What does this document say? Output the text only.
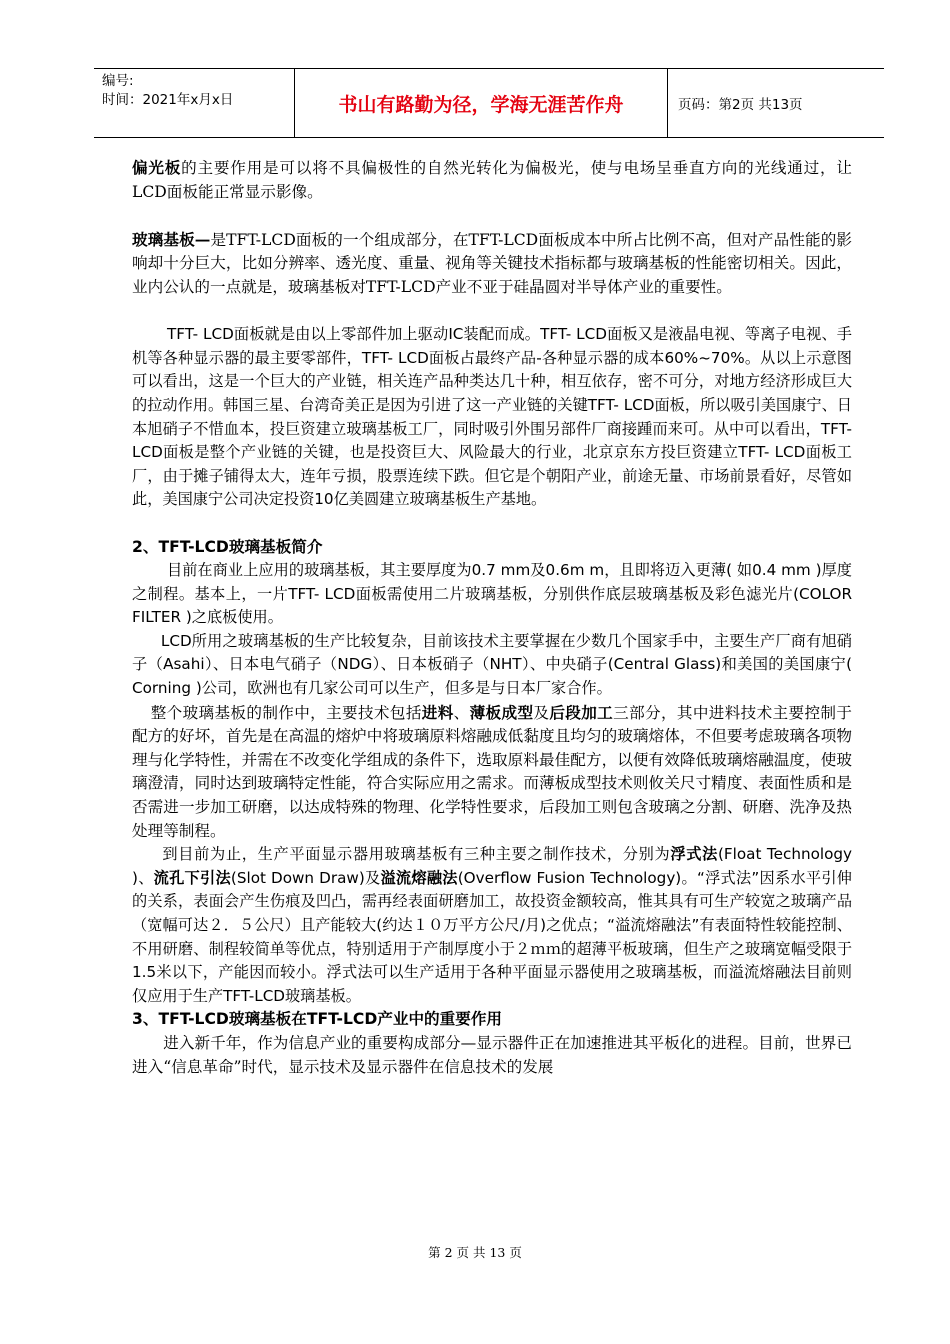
编号:
时间：2021年x月x日	书山有路勤为径，学海无涯苦作舟	页码：第2页 共13页

偏光板的主要作用是可以将不具偏极性的自然光转化为偏极光，使与电场呈垂直方向的光线通过，让LCD面板能正常显示影像。

玻璃基板—是TFT-LCD面板的一个组成部分，在TFT-LCD面板成本中所占比例不高，但对产品性能的影响却十分巨大，比如分辨率、透光度、重量、视角等关键技术指标都与玻璃基板的性能密切相关。因此，业内公认的一点就是，玻璃基板对TFT-LCD产业不亚于硅晶圆对半导体产业的重要性。

TFT- LCD面板就是由以上零部件加上驱动IC装配而成。TFT- LCD面板又是液晶电视、等离子电视、手机等各种显示器的最主要零部件，TFT- LCD面板占最终产品-各种显示器的成本60%~70%。从以上示意图可以看出，这是一个巨大的产业链，相关连产品种类达几十种，相互依存，密不可分，对地方经济形成巨大的拉动作用。韩国三星、台湾奇美正是因为引进了这一产业链的关键TFT- LCD面板，所以吸引美国康宁、日本旭硝子不惜血本，投巨资建立玻璃基板工厂，同时吸引外围另部件厂商接踵而来可。从中可以看出，TFT- LCD面板是整个产业链的关键，也是投资巨大、风险最大的行业，北京京东方投巨资建立TFT- LCD面板工厂，由于摊子铺得太大，连年亏损，股票连续下跌。但它是个朝阳产业，前途无量、市场前景看好，尽管如此，美国康宁公司决定投资10亿美圆建立玻璃基板生产基地。

2、TFT-LCD玻璃基板简介

目前在商业上应用的玻璃基板，其主要厚度为0.7 mm及0.6m m，且即将迈入更薄( 如0.4 mm )厚度之制程。基本上，一片TFT- LCD面板需使用二片玻璃基板，分别供作底层玻璃基板及彩色滤光片(COLOR FILTER )之底板使用。

LCD所用之玻璃基板的生产比较复杂，目前该技术主要掌握在少数几个国家手中，主要生产厂商有旭硝子（Asahi）、日本电气硝子（NDG）、日本板硝子（NHT）、中央硝子(Central Glass)和美国的美国康宁( Corning )公司，欧洲也有几家公司可以生产，但多是与日本厂家合作。

整个玻璃基板的制作中，主要技术包括进料、薄板成型及后段加工三部分，其中进料技术主要控制于配方的好坏，首先是在高温的熔炉中将玻璃原料熔融成低黏度且均匀的玻璃熔体，不但要考虑玻璃各项物理与化学特性，并需在不改变化学组成的条件下，选取原料最佳配方，以便有效降低玻璃熔融温度，使玻璃澄清，同时达到玻璃特定性能，符合实际应用之需求。而薄板成型技术则攸关尺寸精度、表面性质和是否需进一步加工研磨，以达成特殊的物理、化学特性要求，后段加工则包含玻璃之分割、研磨、洗净及热处理等制程。

到目前为止，生产平面显示器用玻璃基板有三种主要之制作技术，分别为浮式法(Float Technology )、流孔下引法(Slot Down Draw)及溢流熔融法(Overflow Fusion Technology)。“浮式法”因系水平引伸的关系，表面会产生伤痕及凹凸，需再经表面研磨加工，故投资金额较高，惟其具有可生产较宽之玻璃产品（宽幅可达２．５公尺）且产能较大(约达１０万平方公尺/月)之优点；“溢流熔融法”有表面特性较能控制、不用研磨、制程较简单等优点，特别适用于产制厚度小于２ｍｍ的超薄平板玻璃，但生产之玻璃宽幅受限于1.5米以下，产能因而较小。浮式法可以生产适用于各种平面显示器使用之玻璃基板，而溢流熔融法目前则仅应用于生产TFT-LCD玻璃基板。

3、TFT-LCD玻璃基板在TFT-LCD产业中的重要作用

进入新千年，作为信息产业的重要构成部分—显示器件正在加速推进其平板化的进程。目前，世界已进入“信息革命”时代，显示技术及显示器件在信息技术的发展

第 2 页 共 13 页
